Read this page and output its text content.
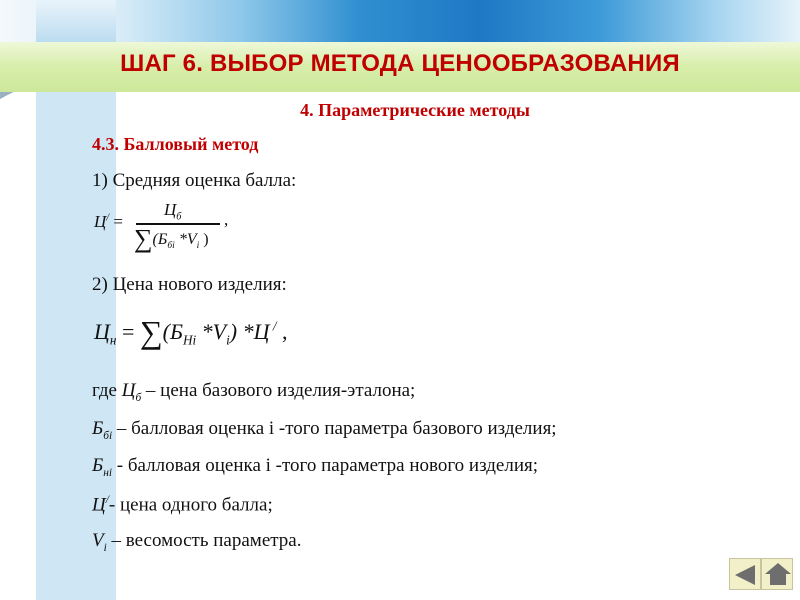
ШАГ 6. ВЫБОР МЕТОДА ЦЕНООБРАЗОВАНИЯ
4. Параметрические методы
4.3. Балловый метод
1) Средняя оценка балла:
Ц/ =
$Ц_б$
$\sum(Б_{бi}$ $*V_i$ )
,
2) Цена нового изделия:
$Ц_н = \sum(Б_{Hi}$ $*V_i$) *Ц / ,
где $Ц_б$ – цена базового изделия-эталона;
$Б_{бi}$ – балловая оценка i -того параметра базового изделия;
$Б_{нi}$ - балловая оценка i -того параметра нового изделия;
Ц/- цена одного балла;
$V_i$ – весомость параметра.
